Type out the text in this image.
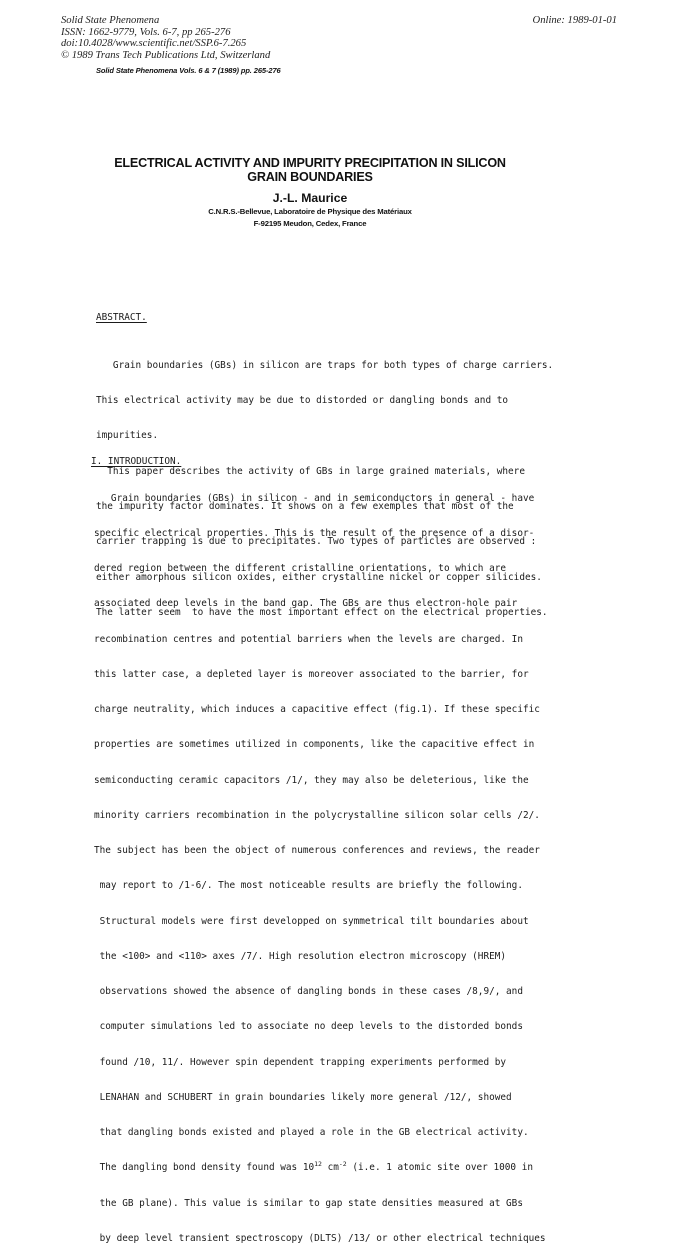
Solid State Phenomena
ISSN: 1662-9779, Vols. 6-7, pp 265-276
doi:10.4028/www.scientific.net/SSP.6-7.265
© 1989 Trans Tech Publications Ltd, Switzerland
Online: 1989-01-01
Solid State Phenomena Vols. 6 & 7 (1989) pp. 265-276
ELECTRICAL ACTIVITY AND IMPURITY PRECIPITATION IN SILICON
GRAIN BOUNDARIES
J.-L. Maurice
C.N.R.S.-Bellevue, Laboratoire de Physique des Matériaux
F-92195 Meudon, Cedex, France
ABSTRACT.

Grain boundaries (GBs) in silicon are traps for both types of charge carriers.

This electrical activity may be due to distorded or dangling bonds and to

impurities.

This paper describes the activity of GBs in large grained materials, where

the impurity factor dominates. It shows on a few exemples that most of the

carrier trapping is due to precipitates. Two types of particles are observed :

either amorphous silicon oxides, either crystalline nickel or copper silicides.

The latter seem  to have the most important effect on the electrical properties.

I. INTRODUCTION.

Grain boundaries (GBs) in silicon - and in semiconductors in general - have

specific electrical properties. This is the result of the presence of a disor-

dered region between the different cristalline orientations, to which are

associated deep levels in the band gap. The GBs are thus electron-hole pair

recombination centres and potential barriers when the levels are charged. In

this latter case, a depleted layer is moreover associated to the barrier, for

charge neutrality, which induces a capacitive effect (fig.1). If these specific

properties are sometimes utilized in components, like the capacitive effect in

semiconducting ceramic capacitors /1/, they may also be deleterious, like the

minority carriers recombination in the polycrystalline silicon solar cells /2/.

The subject has been the object of numerous conferences and reviews, the reader

may report to /1-6/. The most noticeable results are briefly the following.

Structural models were first developped on symmetrical tilt boundaries about

the <100> and <110> axes /7/. High resolution electron microscopy (HREM)

observations showed the absence of dangling bonds in these cases /8,9/, and

computer simulations led to associate no deep levels to the distorded bonds

found /10, 11/. However spin dependent trapping experiments performed by

LENAHAN and SCHUBERT in grain boundaries likely more general /12/, showed

that dangling bonds existed and played a role in the GB electrical activity.

The dangling bond density found was $10^{12}$ $cm^{-2}$ (i.e. 1 atomic site over 1000 in

the GB plane). This value is similar to gap state densities measured at GBs

by deep level transient spectroscopy (DLTS) /13/ or other electrical techniques
